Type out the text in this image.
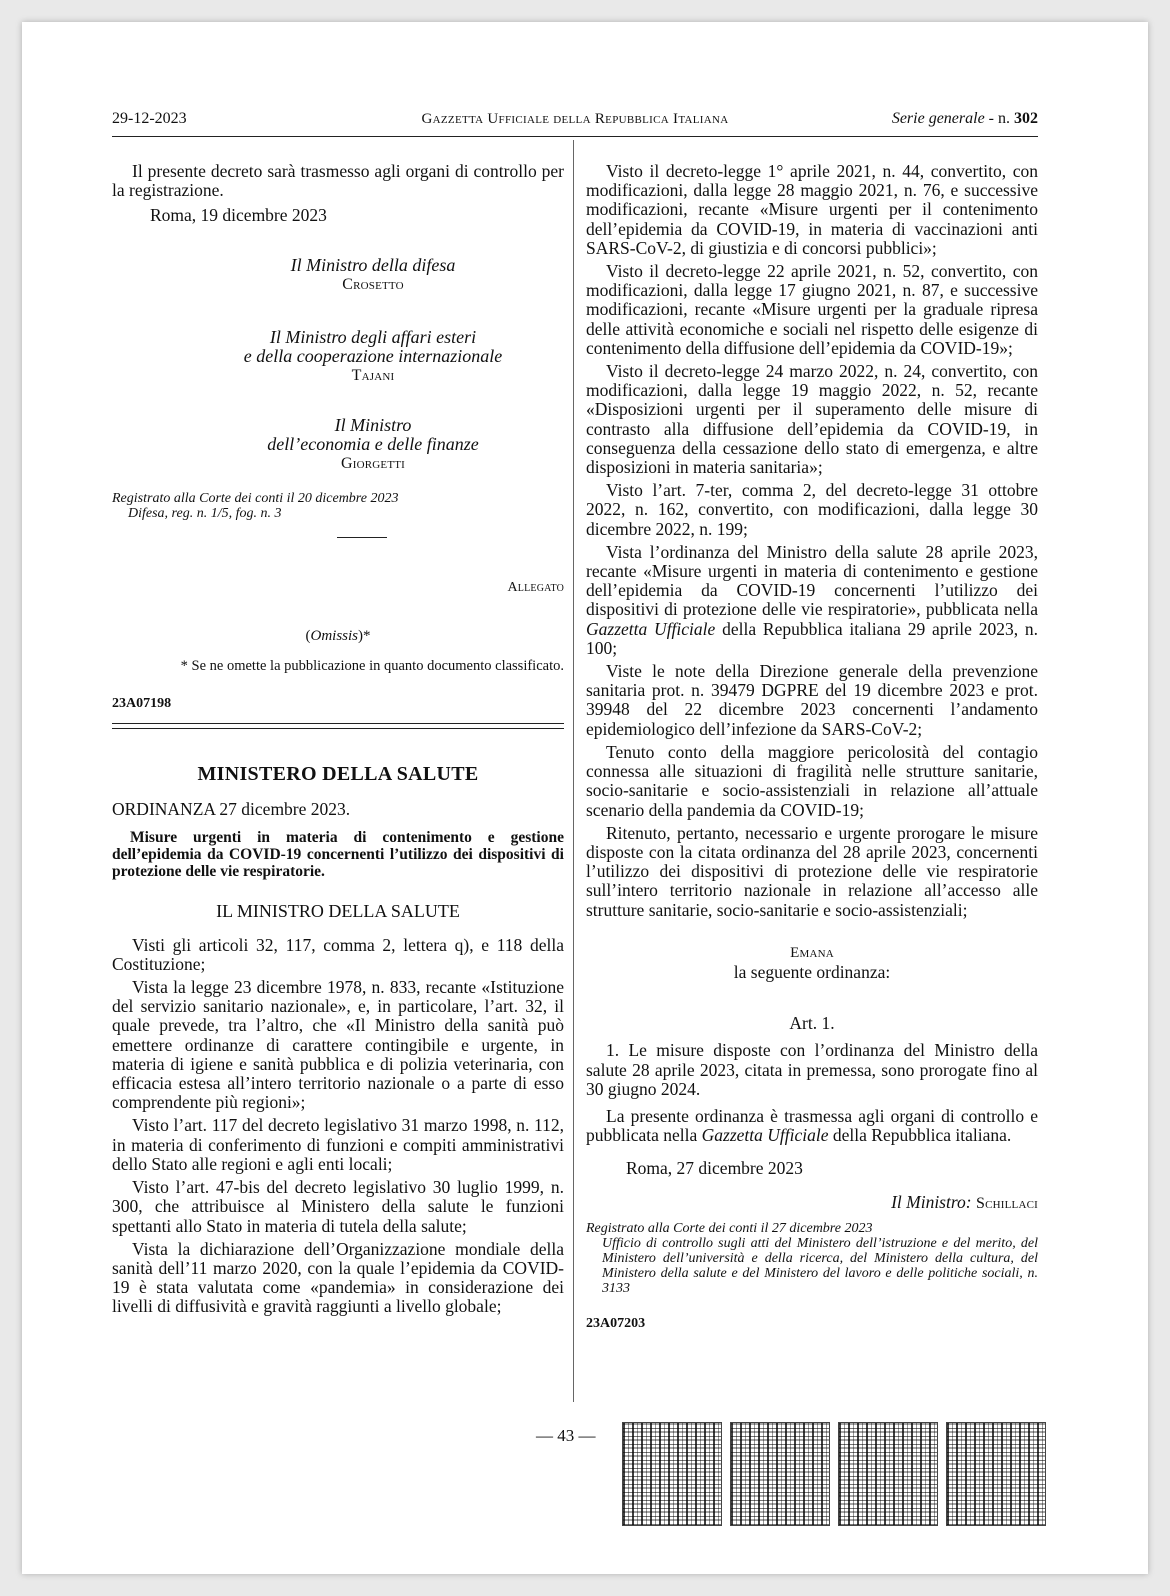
29-12-2023	Gazzetta Ufficiale della Repubblica Italiana	Serie generale - n. 302

Il presente decreto sarà trasmesso agli organi di controllo per la registrazione.

Roma, 19 dicembre 2023

Il Ministro della difesa
Crosetto
Il Ministro degli affari esteri
e della cooperazione internazionale
Tajani
Il Ministro
dell’economia e delle finanze
Giorgetti
Registrato alla Corte dei conti il 20 dicembre 2023
Difesa, reg. n. 1/5, fog. n. 3
Allegato
(Omissis)*
* Se ne omette la pubblicazione in quanto documento classificato.
23A07198
MINISTERO DELLA SALUTE
ORDINANZA 27 dicembre 2023.

Misure urgenti in materia di contenimento e gestione dell’epidemia da COVID-19 concernenti l’utilizzo dei dispositivi di protezione delle vie respiratorie.

IL MINISTRO DELLA SALUTE

Visti gli articoli 32, 117, comma 2, lettera q), e 118 della Costituzione;

Vista la legge 23 dicembre 1978, n. 833, recante «Istituzione del servizio sanitario nazionale», e, in particolare, l’art. 32, il quale prevede, tra l’altro, che «Il Ministro della sanità può emettere ordinanze di carattere contingibile e urgente, in materia di igiene e sanità pubblica e di polizia veterinaria, con efficacia estesa all’intero territorio nazionale o a parte di esso comprendente più regioni»;

Visto l’art. 117 del decreto legislativo 31 marzo 1998, n. 112, in materia di conferimento di funzioni e compiti amministrativi dello Stato alle regioni e agli enti locali;

Visto l’art. 47-bis del decreto legislativo 30 luglio 1999, n. 300, che attribuisce al Ministero della salute le funzioni spettanti allo Stato in materia di tutela della salute;

Vista la dichiarazione dell’Organizzazione mondiale della sanità dell’11 marzo 2020, con la quale l’epidemia da COVID-19 è stata valutata come «pandemia» in considerazione dei livelli di diffusività e gravità raggiunti a livello globale;

Visto il decreto-legge 1° aprile 2021, n. 44, convertito, con modificazioni, dalla legge 28 maggio 2021, n. 76, e successive modificazioni, recante «Misure urgenti per il contenimento dell’epidemia da COVID-19, in materia di vaccinazioni anti SARS-CoV-2, di giustizia e di concorsi pubblici»;

Visto il decreto-legge 22 aprile 2021, n. 52, convertito, con modificazioni, dalla legge 17 giugno 2021, n. 87, e successive modificazioni, recante «Misure urgenti per la graduale ripresa delle attività economiche e sociali nel rispetto delle esigenze di contenimento della diffusione dell’epidemia da COVID-19»;

Visto il decreto-legge 24 marzo 2022, n. 24, convertito, con modificazioni, dalla legge 19 maggio 2022, n. 52, recante «Disposizioni urgenti per il superamento delle misure di contrasto alla diffusione dell’epidemia da COVID-19, in conseguenza della cessazione dello stato di emergenza, e altre disposizioni in materia sanitaria»;

Visto l’art. 7-ter, comma 2, del decreto-legge 31 ottobre 2022, n. 162, convertito, con modificazioni, dalla legge 30 dicembre 2022, n. 199;

Vista l’ordinanza del Ministro della salute 28 aprile 2023, recante «Misure urgenti in materia di contenimento e gestione dell’epidemia da COVID-19 concernenti l’utilizzo dei dispositivi di protezione delle vie respiratorie», pubblicata nella Gazzetta Ufficiale della Repubblica italiana 29 aprile 2023, n. 100;

Viste le note della Direzione generale della prevenzione sanitaria prot. n. 39479 DGPRE del 19 dicembre 2023 e prot. 39948 del 22 dicembre 2023 concernenti l’andamento epidemiologico dell’infezione da SARS-CoV-2;

Tenuto conto della maggiore pericolosità del contagio connessa alle situazioni di fragilità nelle strutture sanitarie, socio-sanitarie e socio-assistenziali in relazione all’attuale scenario della pandemia da COVID-19;

Ritenuto, pertanto, necessario e urgente prorogare le misure disposte con la citata ordinanza del 28 aprile 2023, concernenti l’utilizzo dei dispositivi di protezione delle vie respiratorie sull’intero territorio nazionale in relazione all’accesso alle strutture sanitarie, socio-sanitarie e socio-assistenziali;

Emana
la seguente ordinanza:
Art. 1.

1. Le misure disposte con l’ordinanza del Ministro della salute 28 aprile 2023, citata in premessa, sono prorogate fino al 30 giugno 2024.

La presente ordinanza è trasmessa agli organi di controllo e pubblicata nella Gazzetta Ufficiale della Repubblica italiana.

Roma, 27 dicembre 2023
Il Ministro: Schillaci
Registrato alla Corte dei conti il 27 dicembre 2023
Ufficio di controllo sugli atti del Ministero dell’istruzione e del merito, del Ministero dell’università e della ricerca, del Ministero della cultura, del Ministero della salute e del Ministero del lavoro e delle politiche sociali, n. 3133
23A07203
— 43 —
